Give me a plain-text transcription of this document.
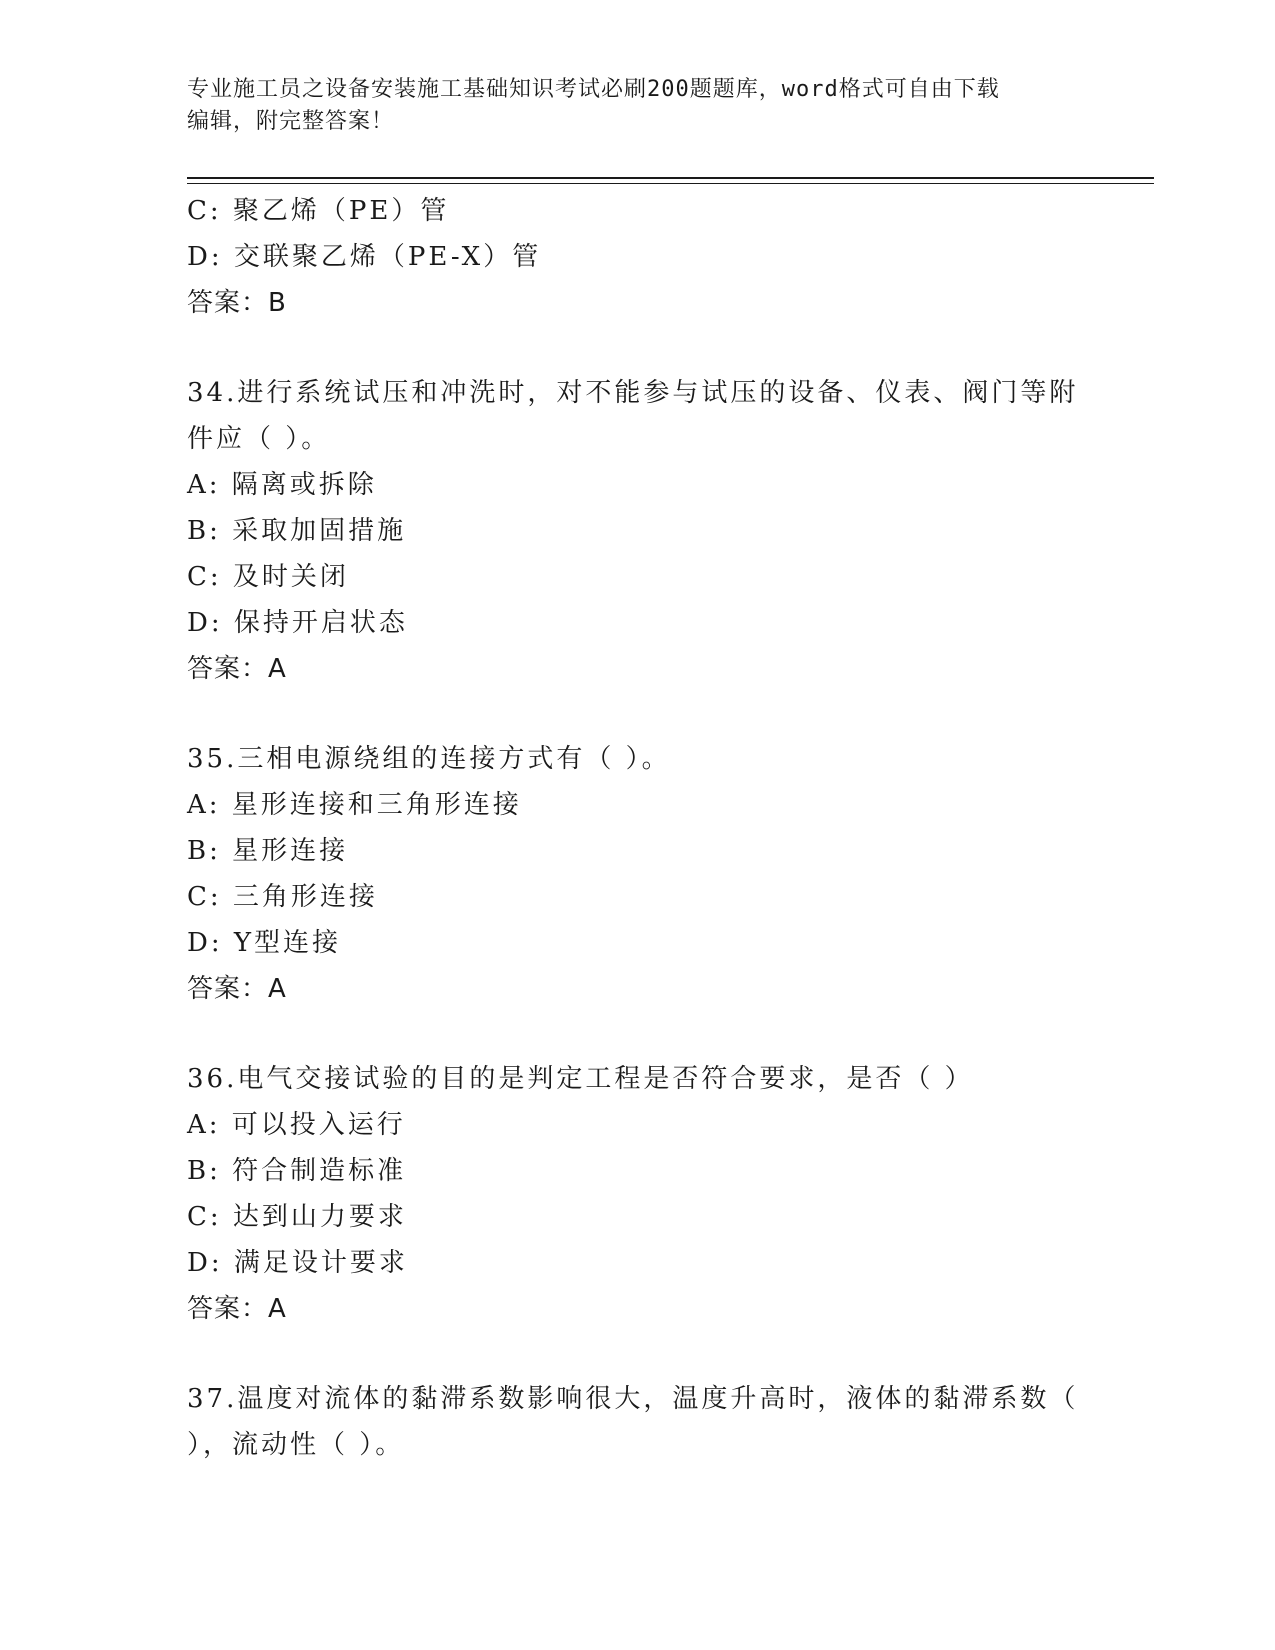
专业施工员之设备安装施工基础知识考试必刷200题题库，word格式可自由下载
编辑，附完整答案！
C: 聚乙烯（PE）管
D: 交联聚乙烯（PE-X）管
答案：B
34.进行系统试压和冲洗时，对不能参与试压的设备、仪表、阀门等附
件应（ ）。
A: 隔离或拆除
B: 采取加固措施
C: 及时关闭
D: 保持开启状态
答案：A
35.三相电源绕组的连接方式有（ ）。
A: 星形连接和三角形连接
B: 星形连接
C: 三角形连接
D: Y型连接
答案：A
36.电气交接试验的目的是判定工程是否符合要求，是否（ ）
A: 可以投入运行
B: 符合制造标准
C: 达到山力要求
D: 满足设计要求
答案：A
37.温度对流体的黏滞系数影响很大，温度升高时，液体的黏滞系数（
），流动性（ ）。
